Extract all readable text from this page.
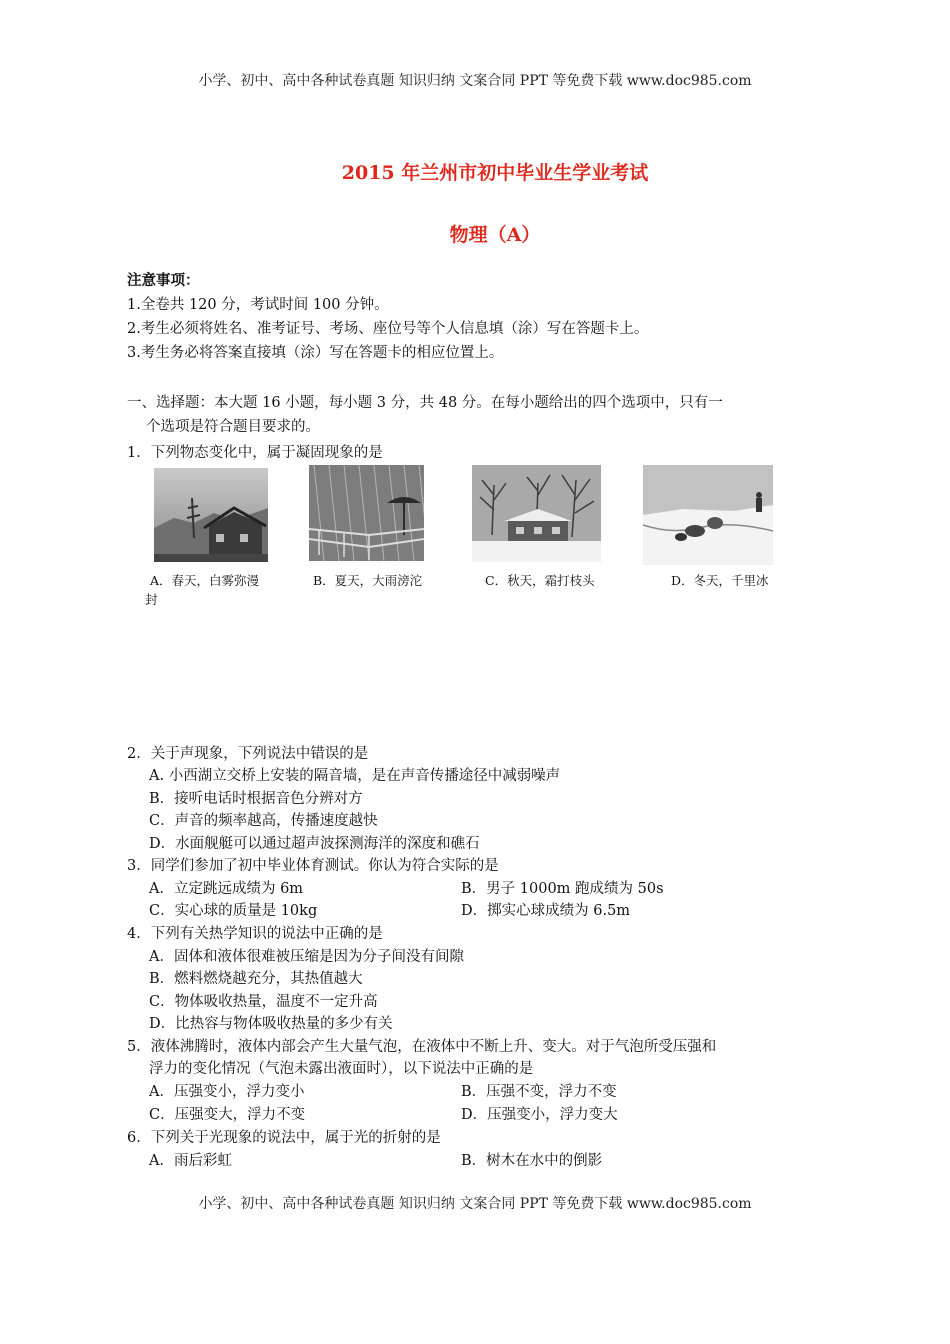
小学、初中、高中各种试卷真题 知识归纳 文案合同 PPT 等免费下载 www.doc985.com
2015 年兰州市初中毕业生学业考试
物理（A）
注意事项：
1.全卷共 120 分，考试时间 100 分钟。
2.考生必须将姓名、准考证号、考场、座位号等个人信息填（涂）写在答题卡上。
3.考生务必将答案直接填（涂）写在答题卡的相应位置上。
一、选择题：本大题 16 小题，每小题 3 分，共 48 分。在每小题给出的四个选项中，只有一
个选项是符合题目要求的。
1．下列物态变化中，属于凝固现象的是
A．春天，白雾弥漫
封
B．夏天，大雨滂沱	C．秋天，霜打枝头	D．冬天，千里冰
2．关于声现象，下列说法中错误的是
A. 小西湖立交桥上安装的隔音墙，是在声音传播途径中减弱噪声
B．接听电话时根据音色分辨对方
C．声音的频率越高，传播速度越快
D．水面舰艇可以通过超声波探测海洋的深度和礁石
3．同学们参加了初中毕业体育测试。你认为符合实际的是
A．立定跳远成绩为 6m	B．男子 1000m 跑成绩为 50s
C．实心球的质量是 10kg	D．掷实心球成绩为 6.5m
4．下列有关热学知识的说法中正确的是
A．固体和液体很难被压缩是因为分子间没有间隙
B．燃料燃烧越充分，其热值越大
C．物体吸收热量，温度不一定升高
D．比热容与物体吸收热量的多少有关
5．液体沸腾时，液体内部会产生大量气泡，在液体中不断上升、变大。对于气泡所受压强和
浮力的变化情况（气泡未露出液面时），以下说法中正确的是
A．压强变小，浮力变小	B．压强不变，浮力不变
C．压强变大，浮力不变	D．压强变小，浮力变大
6．下列关于光现象的说法中，属于光的折射的是
A．雨后彩虹	B．树木在水中的倒影
小学、初中、高中各种试卷真题 知识归纳 文案合同 PPT 等免费下载 www.doc985.com
